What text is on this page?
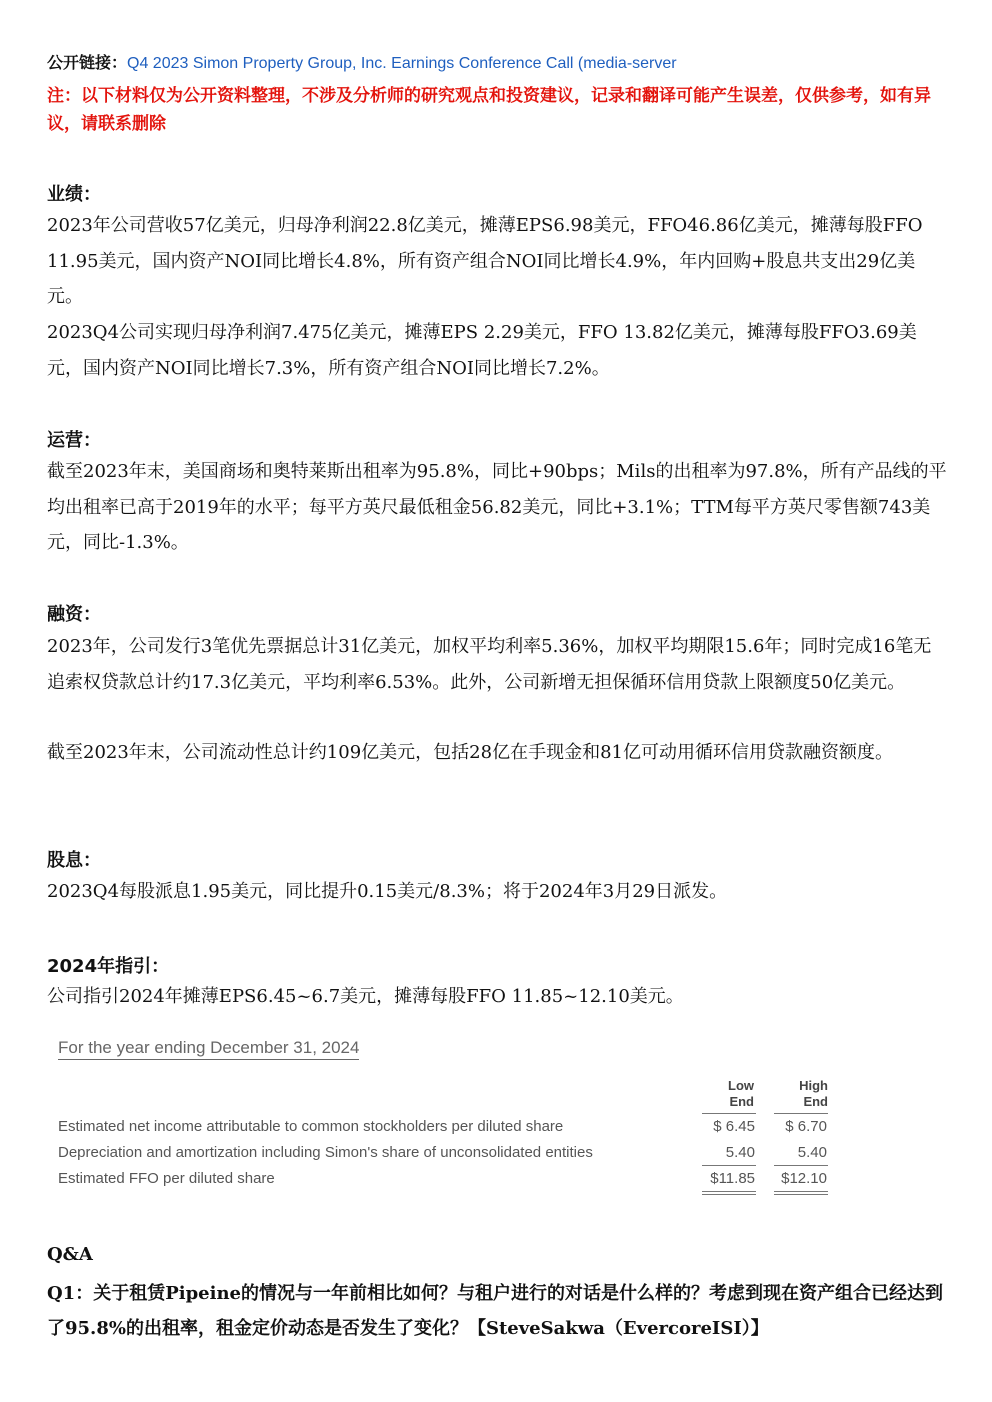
公开链接：Q4 2023 Simon Property Group, Inc. Earnings Conference Call (media-server
注：以下材料仅为公开资料整理，不涉及分析师的研究观点和投资建议，记录和翻译可能产生误差，仅供参考，如有异议，请联系删除
业绩：
2023年公司营收57亿美元，归母净利润22.8亿美元，摊薄EPS6.98美元，FFO46.86亿美元，摊薄每股FFO 11.95美元，国内资产NOI同比增长4.8%，所有资产组合NOI同比增长4.9%，年内回购+股息共支出29亿美元。
2023Q4公司实现归母净利润7.475亿美元，摊薄EPS 2.29美元，FFO 13.82亿美元，摊薄每股FFO3.69美元，国内资产NOI同比增长7.3%，所有资产组合NOI同比增长7.2%。
运营：
截至2023年末，美国商场和奥特莱斯出租率为95.8%，同比+90bps；Mils的出租率为97.8%，所有产品线的平均出租率已高于2019年的水平；每平方英尺最低租金56.82美元，同比+3.1%；TTM每平方英尺零售额743美元，同比-1.3%。
融资：
2023年，公司发行3笔优先票据总计31亿美元，加权平均利率5.36%，加权平均期限15.6年；同时完成16笔无追索权贷款总计约17.3亿美元，平均利率6.53%。此外，公司新增无担保循环信用贷款上限额度50亿美元。
截至2023年末，公司流动性总计约109亿美元，包括28亿在手现金和81亿可动用循环信用贷款融资额度。
股息：
2023Q4每股派息1.95美元，同比提升0.15美元/8.3%；将于2024年3月29日派发。
2024年指引：
公司指引2024年摊薄EPS6.45~6.7美元，摊薄每股FFO 11.85~12.10美元。
For the year ending December 31, 2024
Low
End
High
End
Estimated net income attributable to common stockholders per diluted share	$ 6.45	$ 6.70
Depreciation and amortization including Simon's share of unconsolidated entities	5.40	5.40
Estimated FFO per diluted share	$11.85	$12.10
Q&A
Q1：关于租赁Pipeine的情况与一年前相比如何？与租户进行的对话是什么样的？考虑到现在资产组合已经达到了95.8%的出租率，租金定价动态是否发生了变化？【SteveSakwa（EvercoreISI）】
